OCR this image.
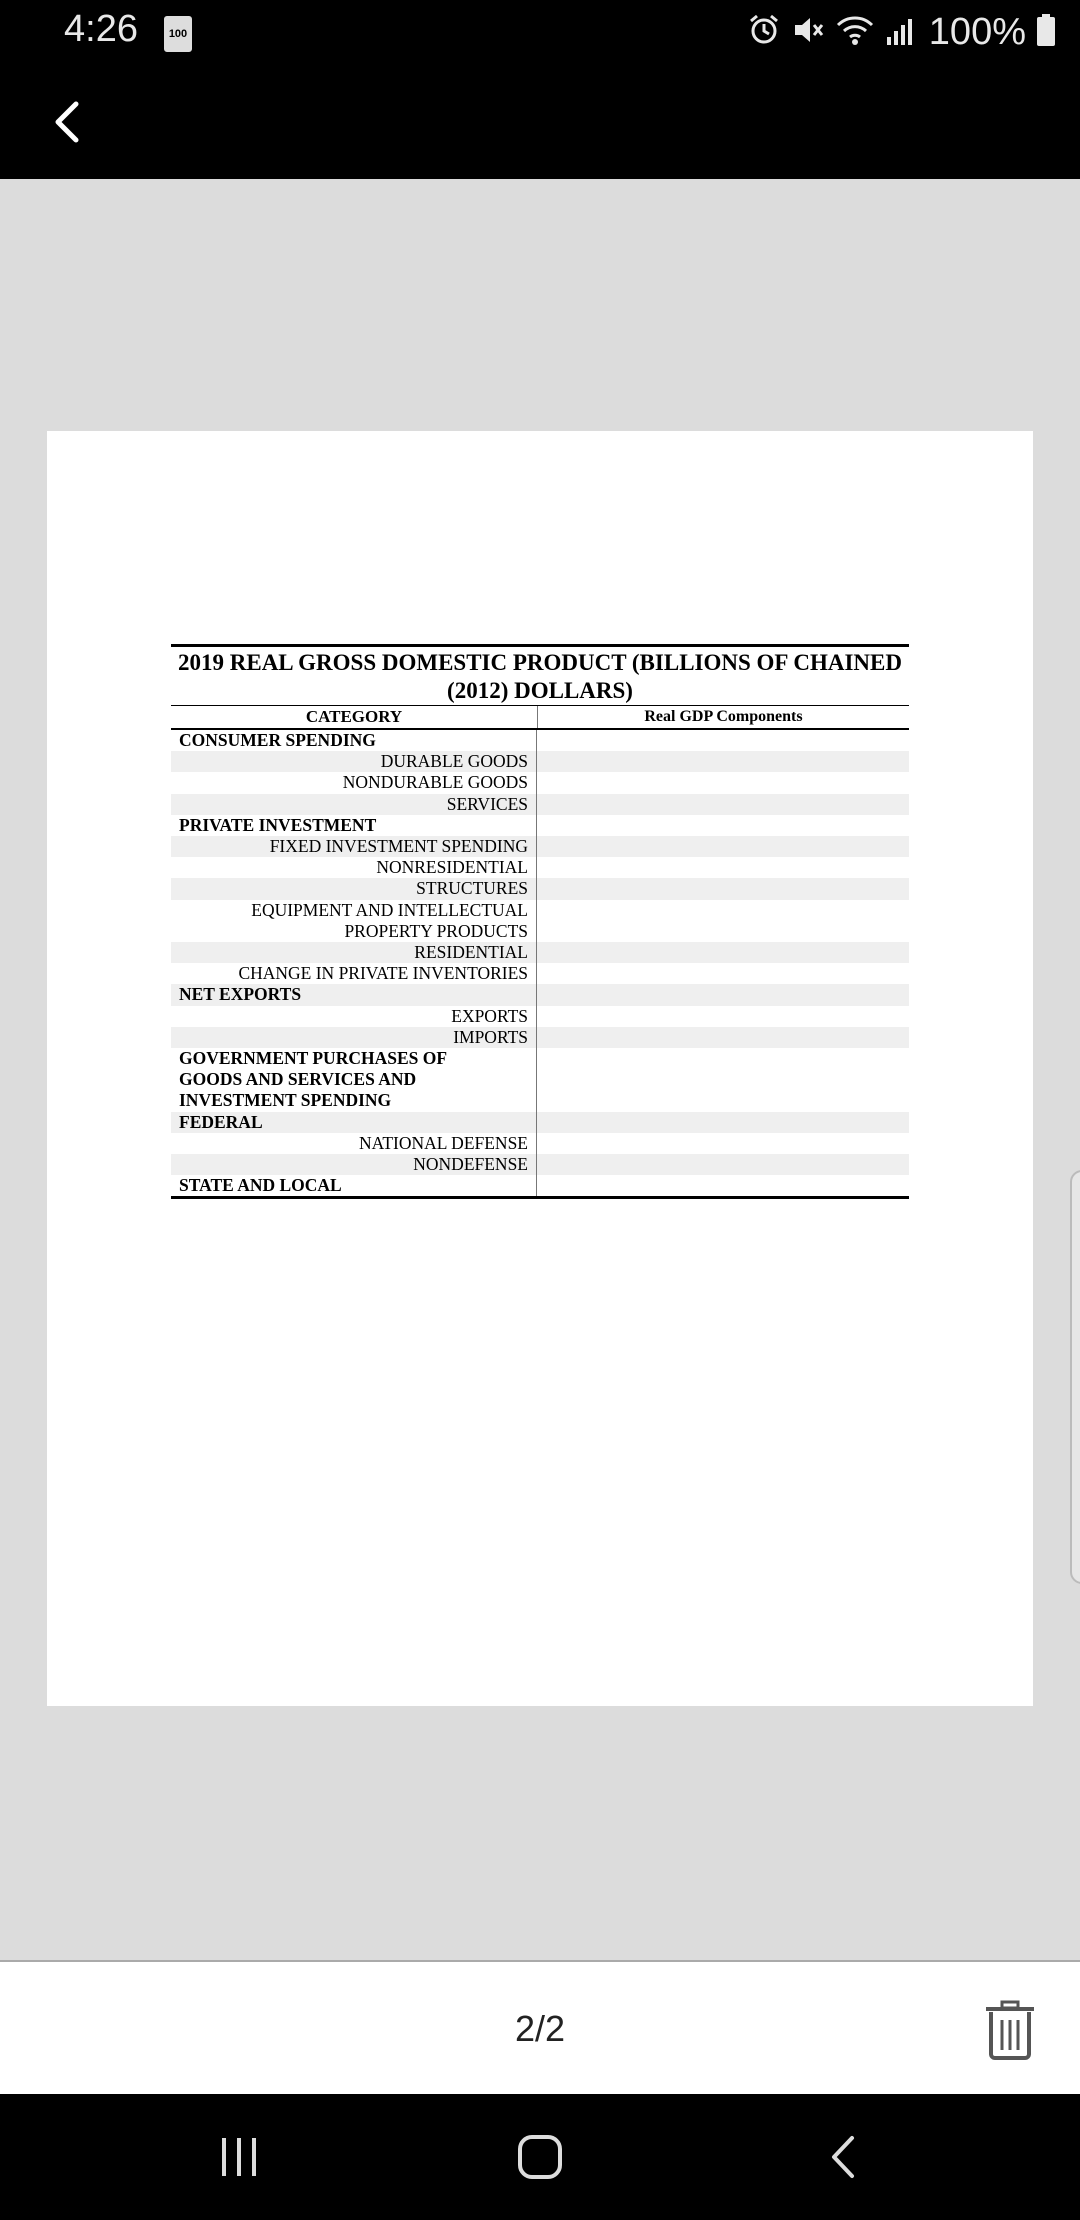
4:26	100	100%
2019 REAL GROSS DOMESTIC PRODUCT (BILLIONS OF CHAINED (2012) DOLLARS)
CATEGORY	Real GDP Components
CONSUMER SPENDING
DURABLE GOODS
NONDURABLE GOODS
SERVICES
PRIVATE INVESTMENT
FIXED INVESTMENT SPENDING
NONRESIDENTIAL
STRUCTURES
EQUIPMENT AND INTELLECTUAL
PROPERTY PRODUCTS
RESIDENTIAL
CHANGE IN PRIVATE INVENTORIES
NET EXPORTS
EXPORTS
IMPORTS
GOVERNMENT PURCHASES OF
GOODS AND SERVICES AND
INVESTMENT SPENDING
FEDERAL
NATIONAL DEFENSE
NONDEFENSE
STATE AND LOCAL
2/2
